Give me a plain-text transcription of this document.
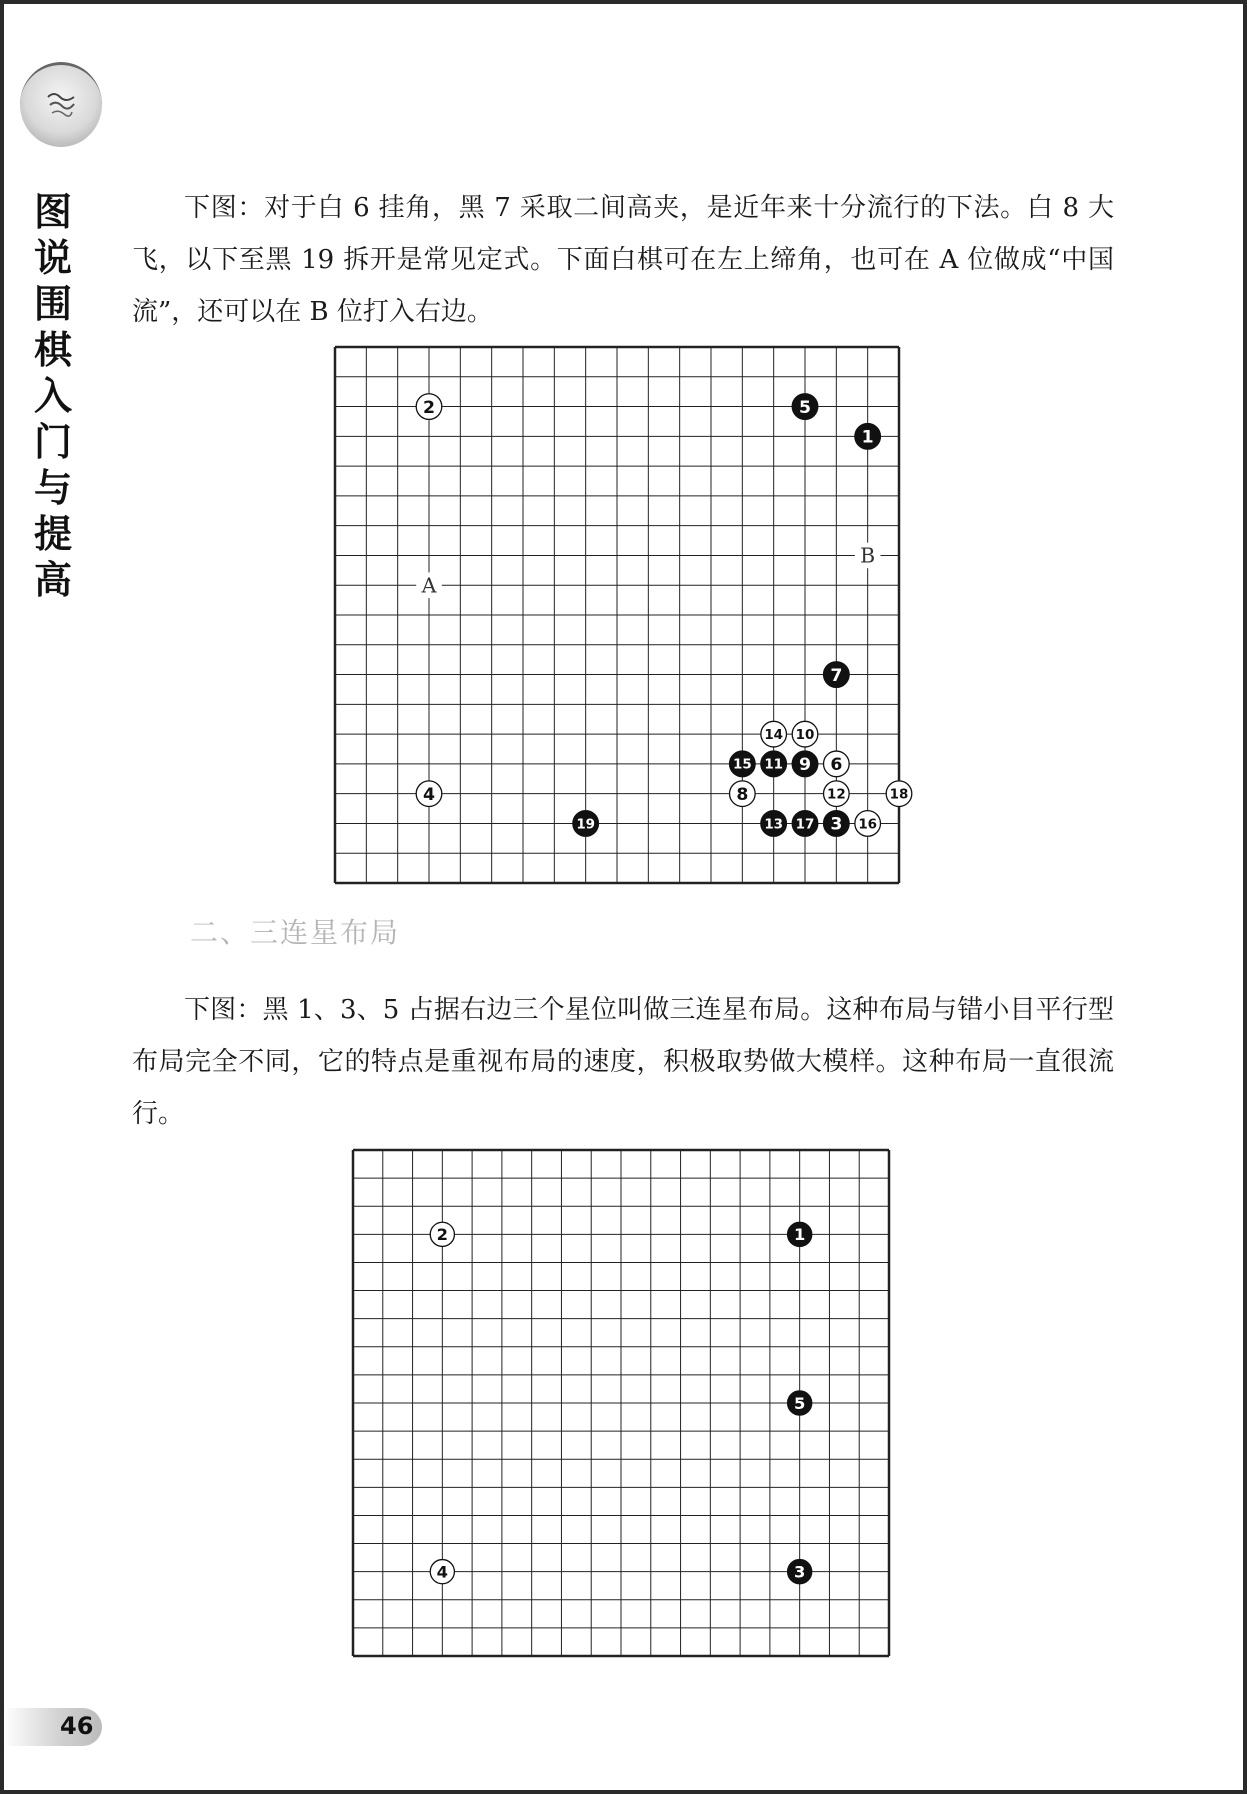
图说围棋入门与提高
下图：对于白 6 挂角，黑 7 采取二间高夹，是近年来十分流行的下法。白 8 大飞，以下至黑 19 拆开是常见定式。下面白棋可在左上缔角，也可在 A 位做成“中国流”，还可以在 B 位打入右边。
A
B
1
2
3
4
5
6
7
8
9
10
11
12
13
14
15
16
17
18
19
二、三连星布局
下图：黑 1、3、5 占据右边三个星位叫做三连星布局。这种布局与错小目平行型布局完全不同，它的特点是重视布局的速度，积极取势做大模样。这种布局一直很流行。
1
2
3
4
5
46
